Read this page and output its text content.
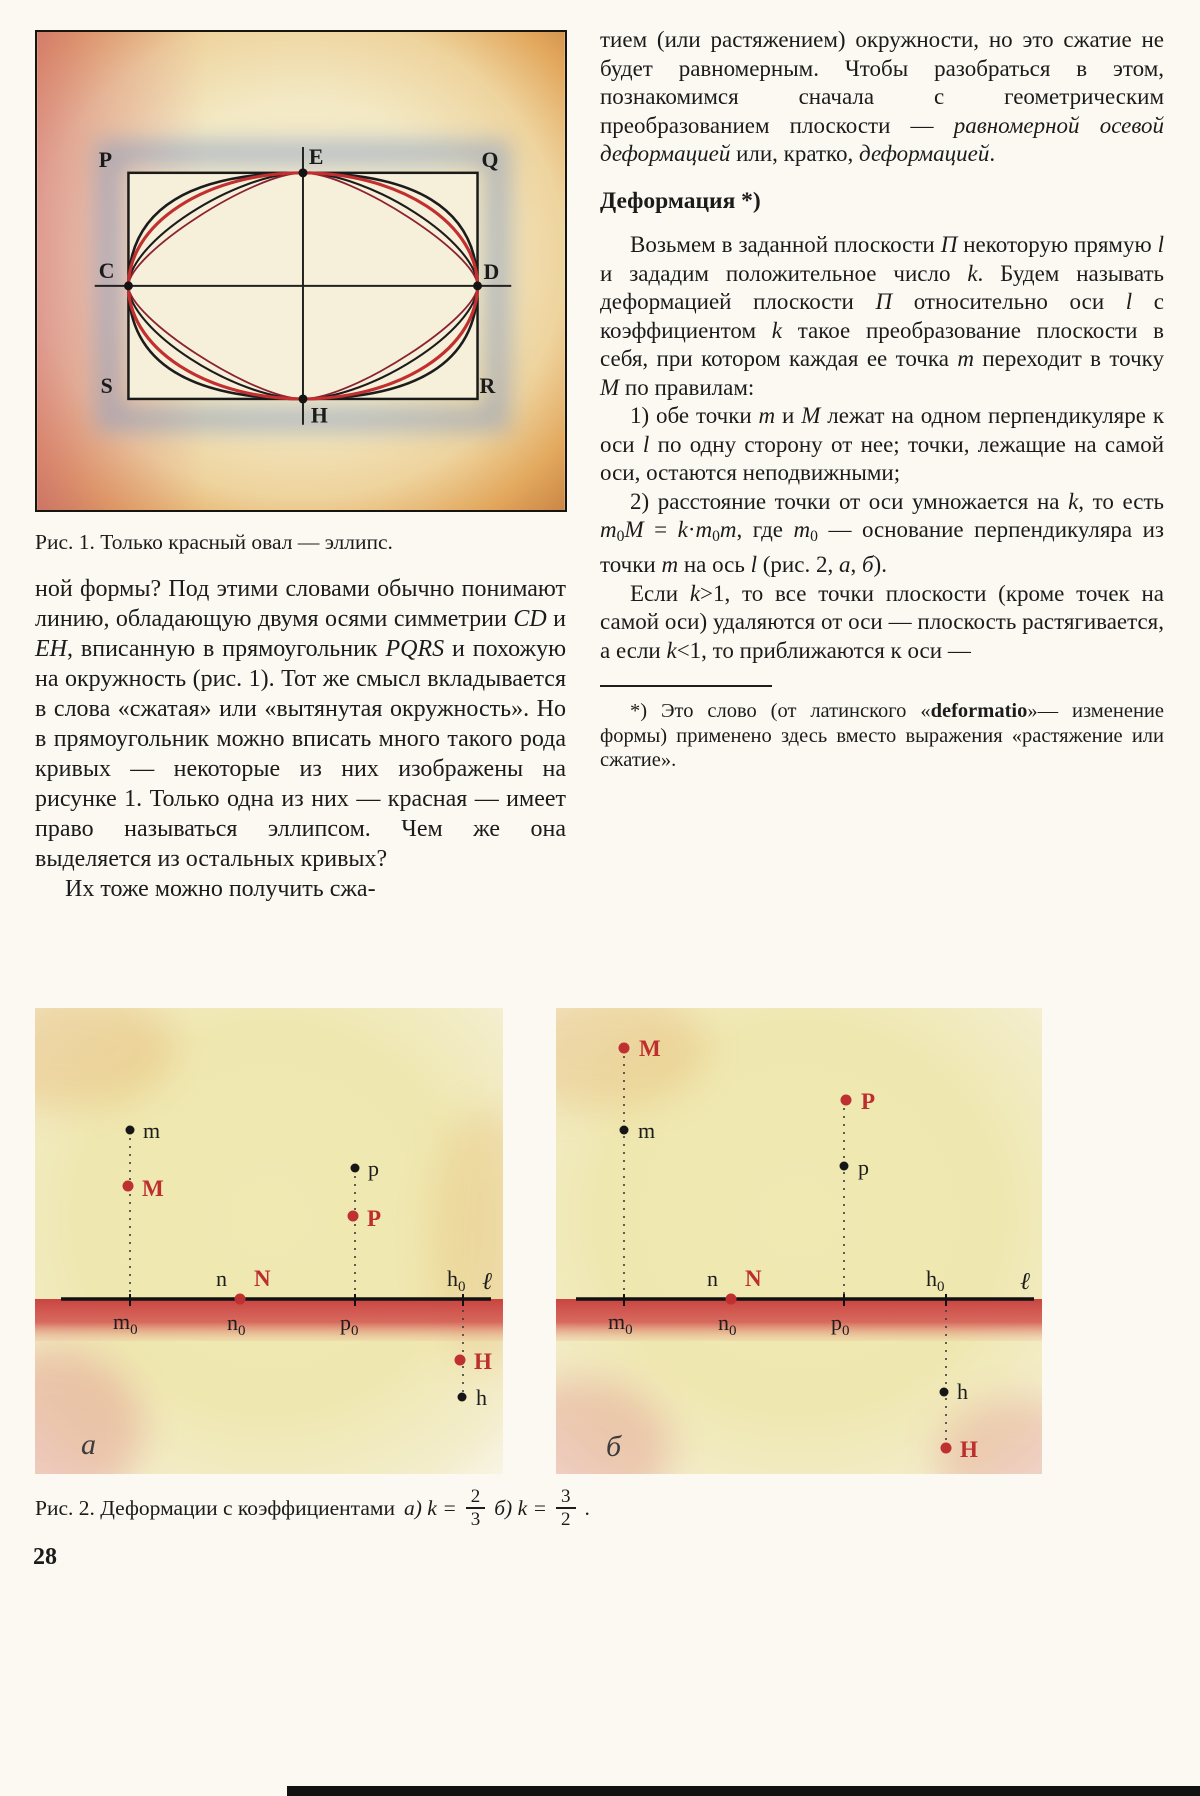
P	E	Q
C	D
S
H
R
Рис. 1. Только красный овал — эллипс.

ной формы? Под этими словами обычно понимают линию, обладающую двумя осями симметрии CD и EH, вписанную в прямоугольник PQRS и похожую на окружность (рис. 1). Тот же смысл вкладывается в слова «сжатая» или «вытянутая окружность». Но в прямоугольник можно вписать много такого рода кривых — некоторые из них изображены на рисунке 1. Только одна из них — красная — имеет право называться эллипсом. Чем же она выделяется из остальных кривых?

Их тоже можно получить сжа-

тием (или растяжением) окружности, но это сжатие не будет равномерным. Чтобы разобраться в этом, познакомимся сначала с геометрическим преобразованием плоскости — равномерной осевой деформацией или, кратко, деформацией.

Деформация *)

Возьмем в заданной плоскости П некоторую прямую l и зададим положительное число k. Будем называть деформацией плоскости П относительно оси l с коэффициентом k такое преобразование плоскости в себя, при котором каждая ее точка m переходит в точку M по правилам:

1) обе точки m и M лежат на одном перпендикуляре к оси l по одну сторону от нее; точки, лежащие на самой оси, остаются неподвижными;

2) расстояние точки от оси умножается на k, то есть m0M = k·m0m, где m0 — основание перпендикуляра из точки m на ось l (рис. 2, а, б).

Если k>1, то все точки плоскости (кроме точек на самой оси) удаляются от оси — плоскость растягивается, а если k<1, то приближаются к оси —

*) Это слово (от латинского «deformatio»— изменение формы) применено здесь вместо выражения «растяжение или сжатие».

m
M
n N
p
P
$h_0$ ℓ
$m_0$	$n_0$	$p_0$
H
h
а
M
m
n N
P
p
$h_0$	ℓ
$m_0$	$n_0$	$p_0$
h
H
б
Рис. 2. Деформации с коэффициентами а) $k = \frac{2}{3} б$) $k = \frac{3}{2}$ .
28
